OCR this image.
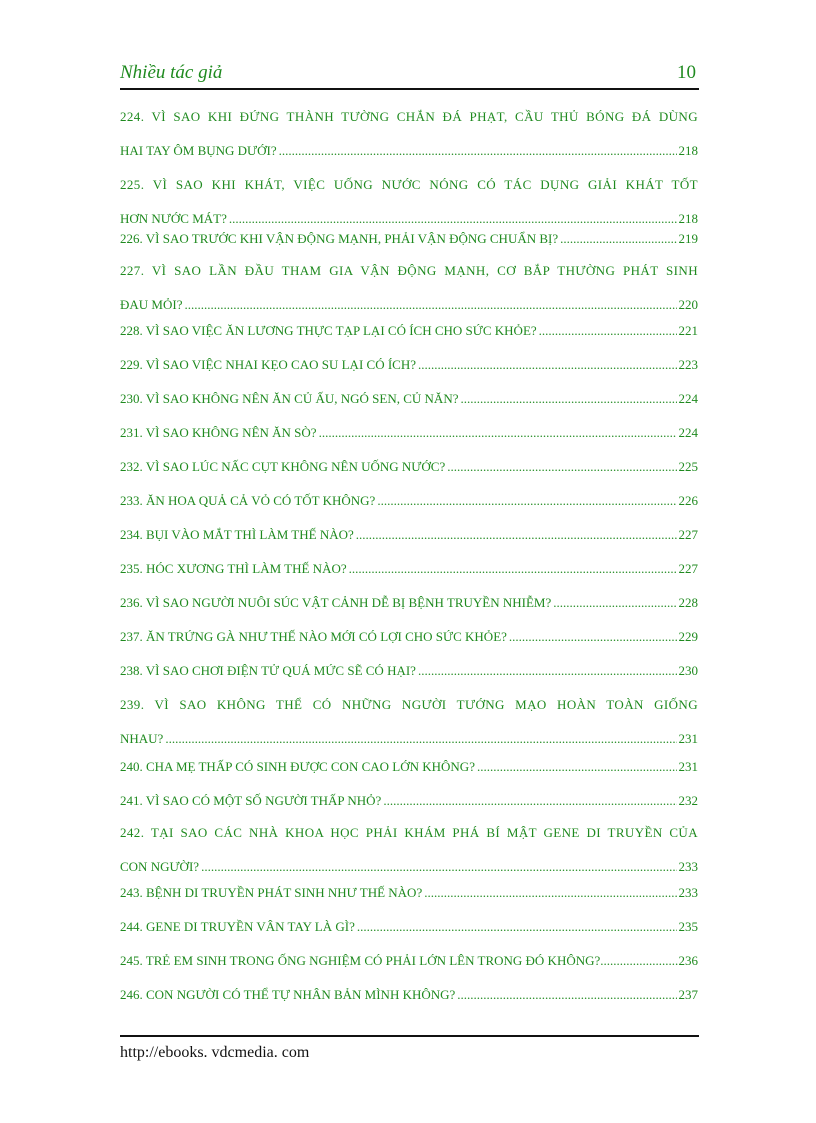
Nhiều tác giả	10
224. VÌ SAO KHI ĐỨNG THÀNH TƯỜNG CHẮN ĐÁ PHẠT, CẦU THỦ BÓNG ĐÁ DÙNG
HAI TAY ÔM BỤNG DƯỚI? .....	218
225. VÌ SAO KHI KHÁT, VIỆC UỐNG NƯỚC NÓNG CÓ TÁC DỤNG GIẢI KHÁT TỐT
HƠN NƯỚC MÁT? .....	218
226. VÌ SAO TRƯỚC KHI VẬN ĐỘNG MẠNH, PHẢI VẬN ĐỘNG CHUẨN BỊ? .....	219
227. VÌ SAO LẦN ĐẦU THAM GIA VẬN ĐỘNG MẠNH, CƠ BẮP THƯỜNG PHÁT SINH
ĐAU MỎI? .....	220
228. VÌ SAO VIỆC ĂN LƯƠNG THỰC TẠP LẠI CÓ ÍCH CHO SỨC KHỎE? .....	221
229. VÌ SAO VIỆC NHAI KẸO CAO SU LẠI CÓ ÍCH? .....	223
230. VÌ SAO KHÔNG NÊN ĂN CỦ ẤU, NGÓ SEN, CỦ NĂN? .....	224
231. VÌ SAO KHÔNG NÊN ĂN SÒ? .....	224
232. VÌ SAO LÚC NẤC CỤT KHÔNG NÊN UỐNG NƯỚC? .....	225
233. ĂN HOA QUẢ CẢ VỎ CÓ TỐT KHÔNG? .....	226
234. BỤI VÀO MẮT THÌ LÀM THẾ NÀO? .....	227
235. HÓC XƯƠNG THÌ LÀM THẾ NÀO? .....	227
236. VÌ SAO NGƯỜI NUÔI SÚC VẬT CẢNH DỄ BỊ BỆNH TRUYỀN NHIỄM? .....	228
237. ĂN TRỨNG GÀ NHƯ THẾ NÀO MỚI CÓ LỢI CHO SỨC KHỎE? .....	229
238. VÌ SAO CHƠI ĐIỆN TỬ QUÁ MỨC SẼ CÓ HẠI? .....	230
239. VÌ SAO KHÔNG THỂ CÓ NHỮNG NGƯỜI TƯỚNG MẠO HOÀN TOÀN GIỐNG
NHAU? .....	231
240. CHA MẸ THẤP CÓ SINH ĐƯỢC CON CAO LỚN KHÔNG? .....	231
241. VÌ SAO CÓ MỘT SỐ NGƯỜI THẤP NHỎ? .....	232
242. TẠI SAO CÁC NHÀ KHOA HỌC PHẢI KHÁM PHÁ BÍ MẬT GENE DI TRUYỀN CỦA
CON NGƯỜI? .....	233
243. BỆNH DI TRUYỀN PHÁT SINH NHƯ THẾ NÀO? .....	233
244. GENE DI TRUYỀN VÂN TAY LÀ GÌ? .....	235
245. TRẺ EM SINH TRONG ỐNG NGHIỆM CÓ PHẢI LỚN LÊN TRONG ĐÓ KHÔNG?. .....	236
246. CON NGƯỜI CÓ THỂ TỰ NHÂN BẢN MÌNH KHÔNG? .....	237
http://ebooks. vdcmedia. com
